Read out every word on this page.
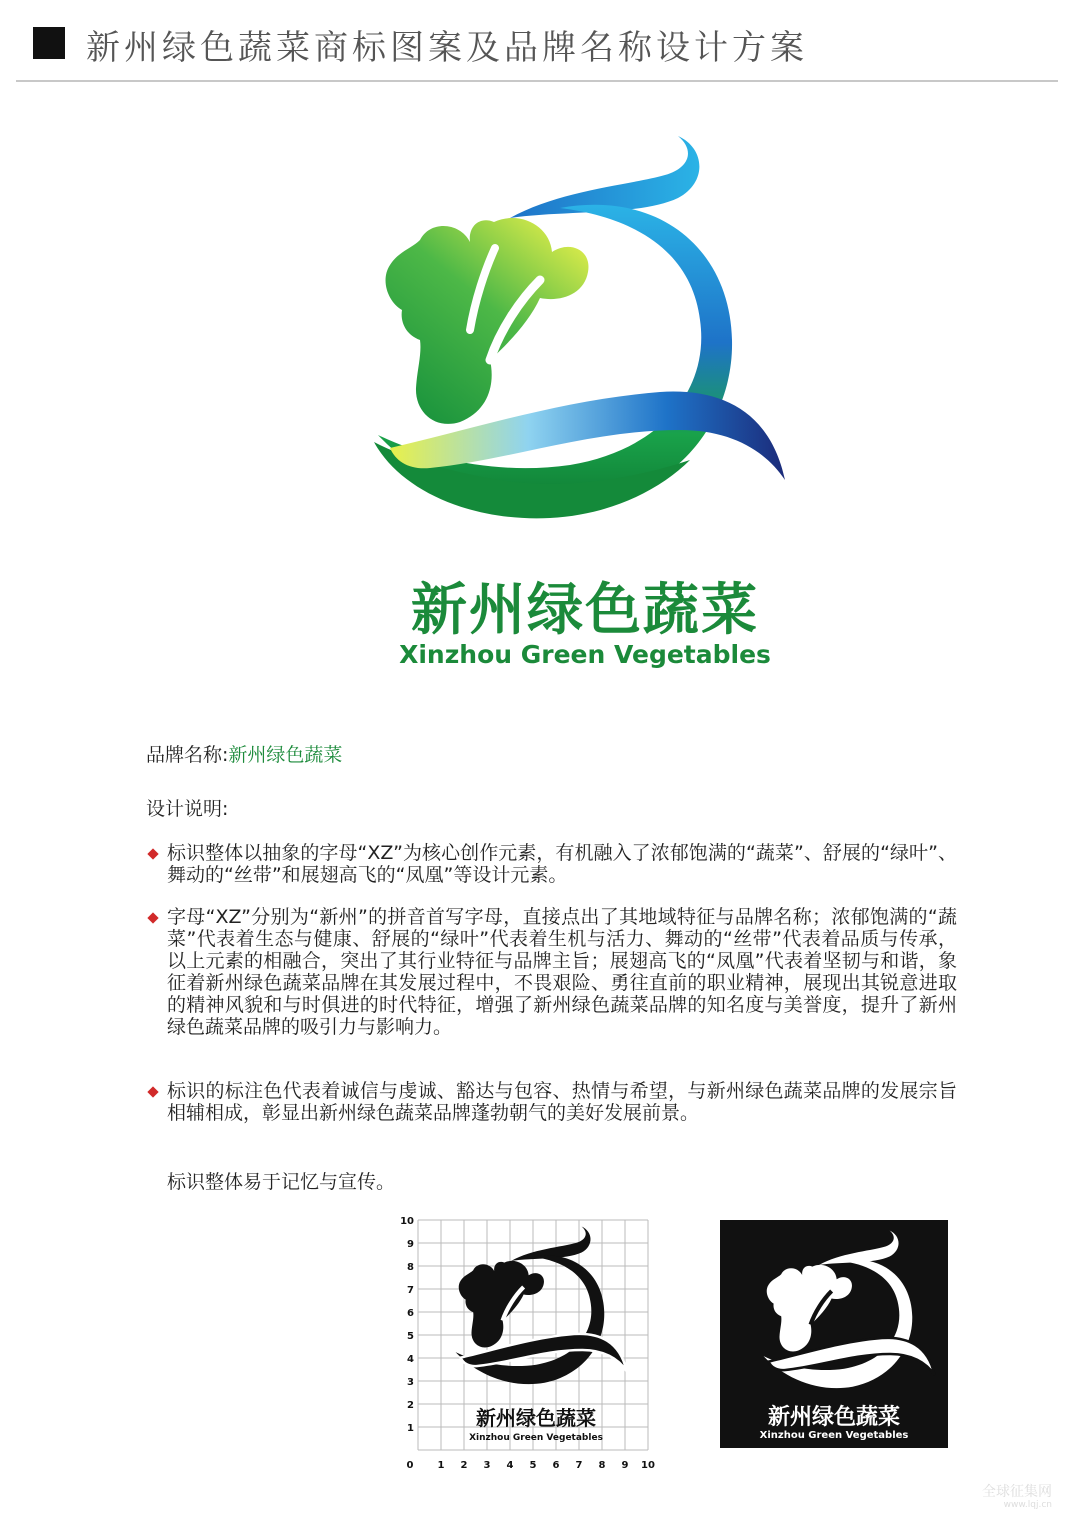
新州绿色蔬菜商标图案及品牌名称设计方案
新州绿色蔬菜
Xinzhou Green Vegetables
品牌名称:新州绿色蔬菜
设计说明:
标识整体以抽象的字母“XZ”为核心创作元素，有机融入了浓郁饱满的“蔬菜”、舒展的“绿叶”、舞动的“丝带”和展翅高飞的“凤凰”等设计元素。
字母“XZ”分别为“新州”的拼音首写字母，直接点出了其地域特征与品牌名称；浓郁饱满的“蔬菜”代表着生态与健康、舒展的“绿叶”代表着生机与活力、舞动的“丝带”代表着品质与传承，以上元素的相融合，突出了其行业特征与品牌主旨；展翅高飞的“凤凰”代表着坚韧与和谐，象征着新州绿色蔬菜品牌在其发展过程中，不畏艰险、勇往直前的职业精神，展现出其锐意进取的精神风貌和与时俱进的时代特征，增强了新州绿色蔬菜品牌的知名度与美誉度，提升了新州绿色蔬菜品牌的吸引力与影响力。
标识的标注色代表着诚信与虔诚、豁达与包容、热情与希望，与新州绿色蔬菜品牌的发展宗旨相辅相成，彰显出新州绿色蔬菜品牌蓬勃朝气的美好发展前景。
标识整体易于记忆与宣传。
新州绿色蔬菜
Xinzhou Green Vegetables
0 1 2 3 4 5 6 7 8 9 10
1
2
3
4
5
6
7
8
9
10
新州绿色蔬菜
Xinzhou Green Vegetables
全球征集网
www.lqj.cn
